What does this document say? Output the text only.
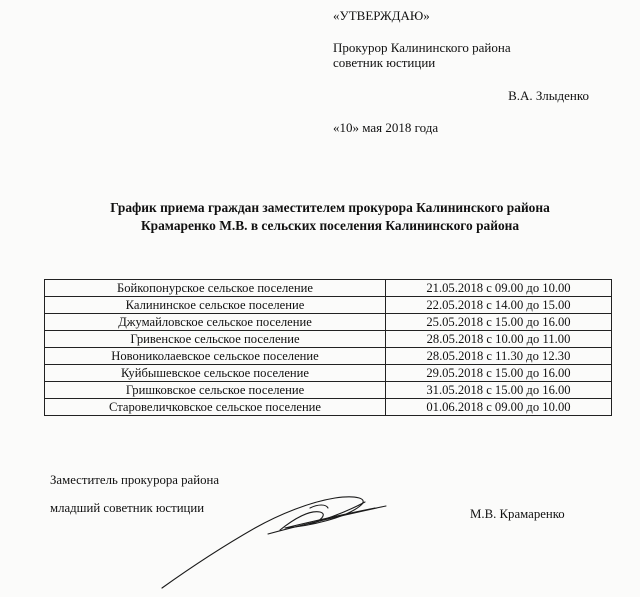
«УТВЕРЖДАЮ»
Прокурор Калининского района
советник юстиции
В.А. Злыденко
«10» мая 2018 года
График приема граждан заместителем прокурора Калининского района
Крамаренко М.В. в сельских поселения Калининского района
Бойкопонурское сельское поселение	21.05.2018 с 09.00 до 10.00
Калининское сельское поселение	22.05.2018 с 14.00 до 15.00
Джумайловское сельское поселение	25.05.2018 с 15.00 до 16.00
Гривенское сельское поселение	28.05.2018 с 10.00 до 11.00
Новониколаевское сельское поселение	28.05.2018 с 11.30 до 12.30
Куйбышевское сельское поселение	29.05.2018 с 15.00 до 16.00
Гришковское сельское поселение	31.05.2018 с 15.00 до 16.00
Старовеличковское сельское поселение	01.06.2018 с 09.00 до 10.00
Заместитель прокурора района
младший советник юстиции	М.В. Крамаренко
